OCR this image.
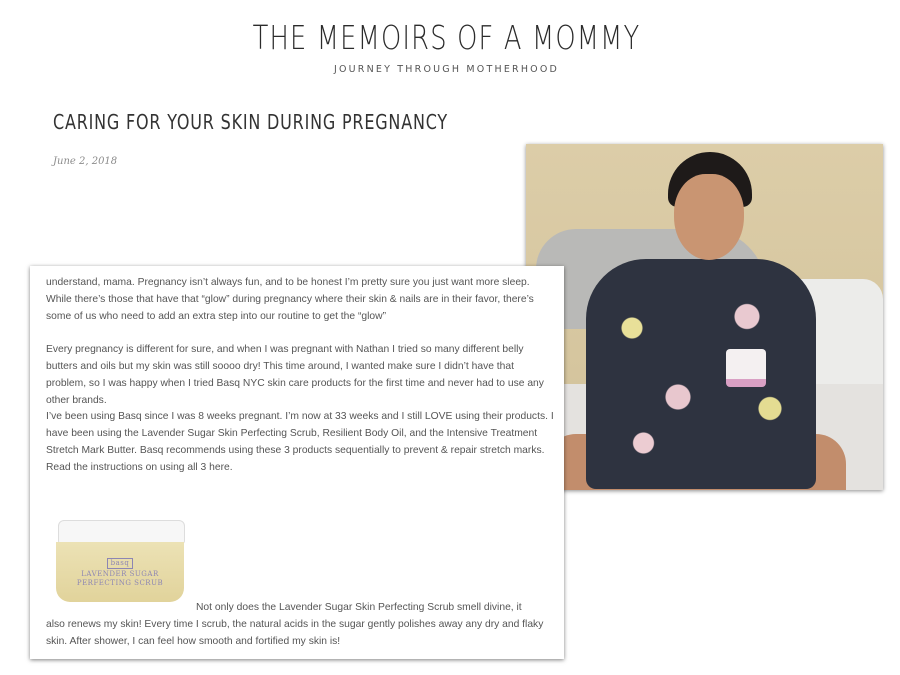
THE MEMOIRS OF A MOMMY
JOURNEY THROUGH MOTHERHOOD
CARING FOR YOUR SKIN DURING PREGNANCY
June 2, 2018

understand, mama. Pregnancy isn’t always fun, and to be honest I’m pretty sure you just want more sleep. While there’s those that have that “glow” during pregnancy where their skin & nails are in their favor, there’s some of us who need to add an extra step into our routine to get the “glow”

Every pregnancy is different for sure, and when I was pregnant with Nathan I tried so many different belly butters and oils but my skin was still soooo dry! This time around, I wanted make sure I didn’t have that problem, so I was happy when I tried Basq NYC skin care products for the first time and never had to use any other brands.

I’ve been using Basq since I was 8 weeks pregnant. I’m now at 33 weeks and I still LOVE using their products. I have been using the Lavender Sugar Skin Perfecting Scrub, Resilient Body Oil, and the Intensive Treatment Stretch Mark Butter. Basq recommends using these 3 products sequentially to prevent & repair stretch marks. Read the instructions on using all 3 here.

basq
LAVENDER SUGAR
PERFECTING SCRUB
Not only does the Lavender Sugar Skin Perfecting Scrub smell divine, it
also renews my skin! Every time I scrub, the natural acids in the sugar gently polishes away any dry and flaky skin. After shower, I can feel how smooth and fortified my skin is!
